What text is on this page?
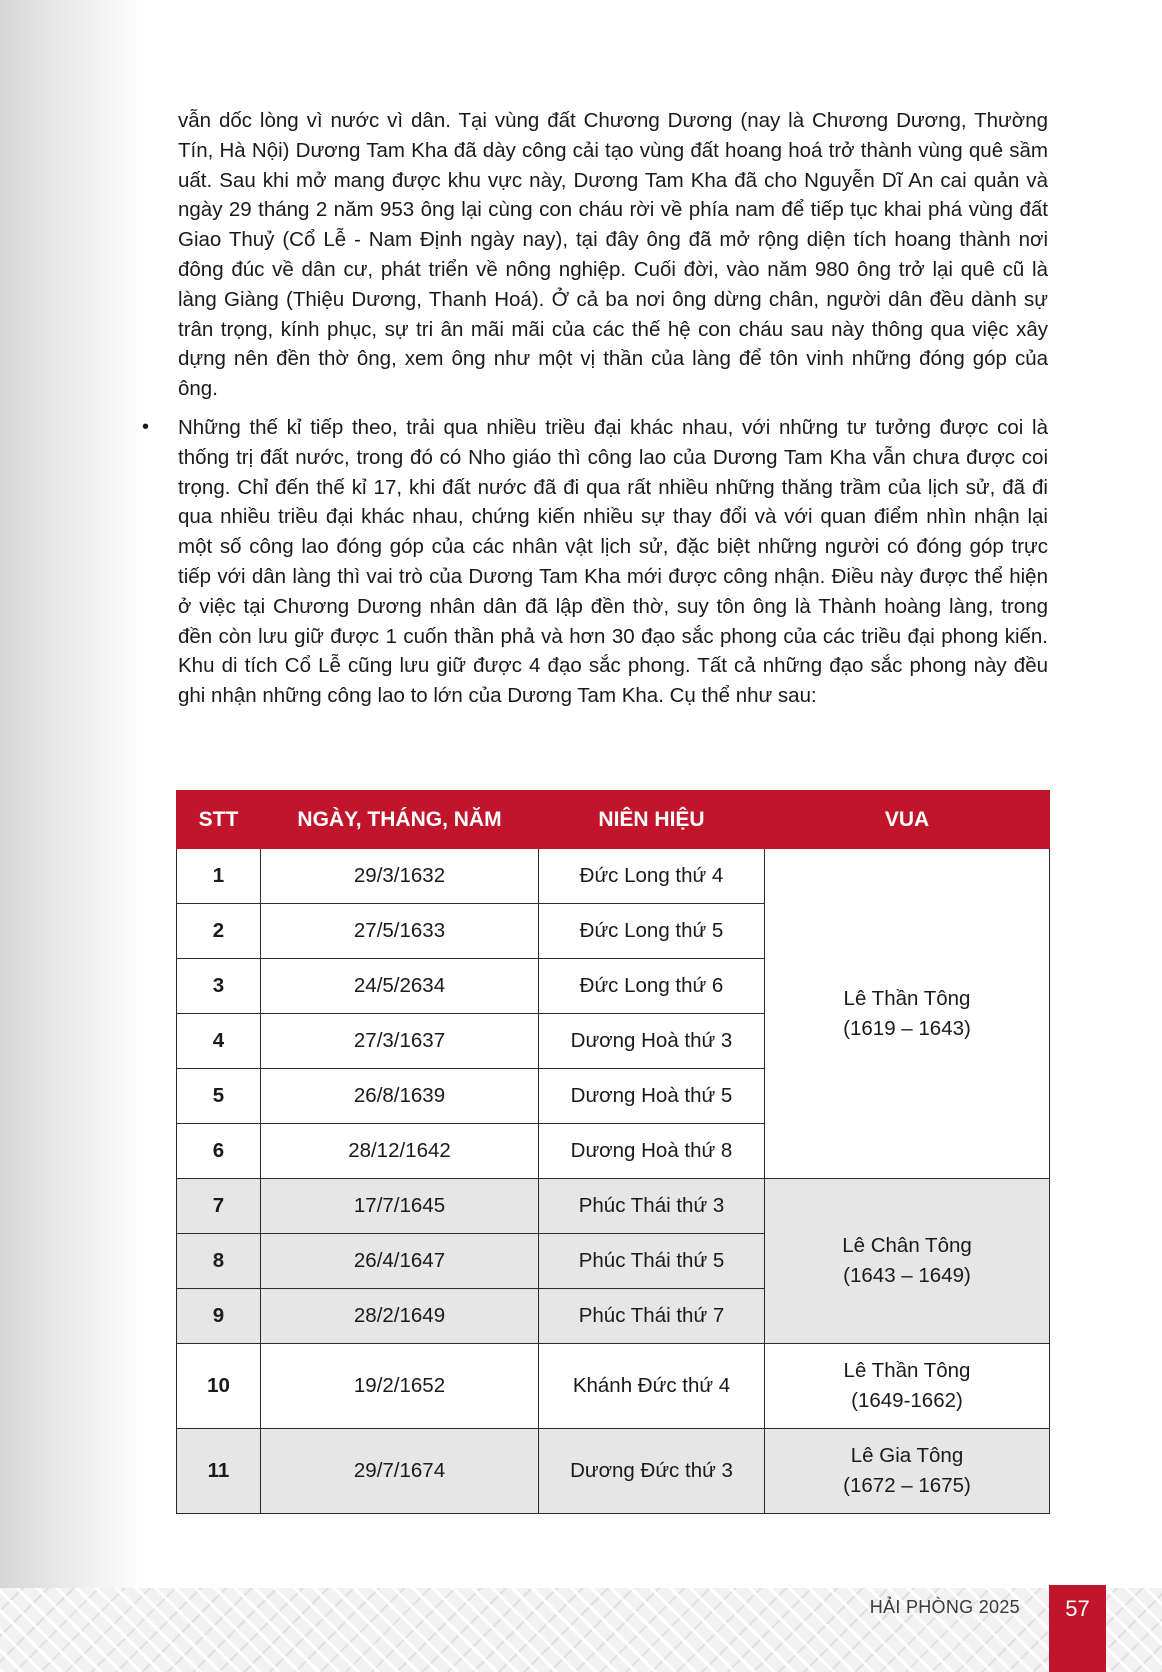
vẫn dốc lòng vì nước vì dân. Tại vùng đất Chương Dương (nay là Chương Dương, Thường Tín, Hà Nội) Dương Tam Kha đã dày công cải tạo vùng đất hoang hoá trở thành vùng quê sầm uất. Sau khi mở mang được khu vực này, Dương Tam Kha đã cho Nguyễn Dĩ An cai quản và ngày 29 tháng 2 năm 953 ông lại cùng con cháu rời về phía nam để tiếp tục khai phá vùng đất Giao Thuỷ (Cổ Lễ - Nam Định ngày nay), tại đây ông đã mở rộng diện tích hoang thành nơi đông đúc về dân cư, phát triển về nông nghiệp. Cuối đời, vào năm 980 ông trở lại quê cũ là làng Giàng (Thiệu Dương, Thanh Hoá). Ở cả ba nơi ông dừng chân, người dân đều dành sự trân trọng, kính phục, sự tri ân mãi mãi của các thế hệ con cháu sau này thông qua việc xây dựng nên đền thờ ông, xem ông như một vị thần của làng để tôn vinh những đóng góp của ông.

• Những thế kỉ tiếp theo, trải qua nhiều triều đại khác nhau, với những tư tưởng được coi là thống trị đất nước, trong đó có Nho giáo thì công lao của Dương Tam Kha vẫn chưa được coi trọng. Chỉ đến thế kỉ 17, khi đất nước đã đi qua rất nhiều những thăng trầm của lịch sử, đã đi qua nhiều triều đại khác nhau, chứng kiến nhiều sự thay đổi và với quan điểm nhìn nhận lại một số công lao đóng góp của các nhân vật lịch sử, đặc biệt những người có đóng góp trực tiếp với dân làng thì vai trò của Dương Tam Kha mới được công nhận. Điều này được thể hiện ở việc tại Chương Dương nhân dân đã lập đền thờ, suy tôn ông là Thành hoàng làng, trong đền còn lưu giữ được 1 cuốn thần phả và hơn 30 đạo sắc phong của các triều đại phong kiến. Khu di tích Cổ Lễ cũng lưu giữ được 4 đạo sắc phong. Tất cả những đạo sắc phong này đều ghi nhận những công lao to lớn của Dương Tam Kha. Cụ thể như sau:

STT	NGÀY, THÁNG, NĂM	NIÊN HIỆU	VUA
1	29/3/1632	Đức Long thứ 4	Lê Thần Tông
(1619 – 1643)
2	27/5/1633	Đức Long thứ 5	
3	24/5/2634	Đức Long thứ 6	
4	27/3/1637	Dương Hoà thứ 3	
5	26/8/1639	Dương Hoà thứ 5	
6	28/12/1642	Dương Hoà thứ 8	
7	17/7/1645	Phúc Thái thứ 3	Lê Chân Tông
(1643 – 1649)
8	26/4/1647	Phúc Thái thứ 5	
9	28/2/1649	Phúc Thái thứ 7	
10	19/2/1652	Khánh Đức thứ 4	Lê Thần Tông
(1649-1662)
11	29/7/1674	Dương Đức thứ 3	Lê Gia Tông
(1672 – 1675)
HẢI PHÒNG 2025	57
